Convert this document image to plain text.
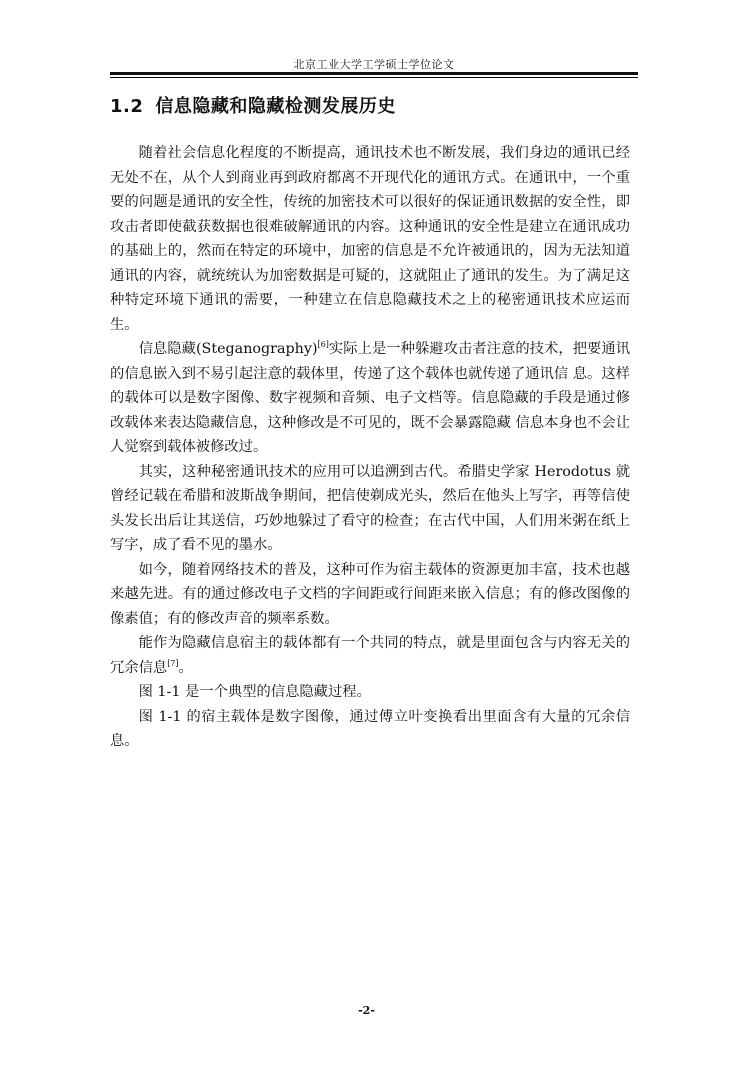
北京工业大学工学硕士学位论文
1.2 信息隐藏和隐藏检测发展历史

随着社会信息化程度的不断提高，通讯技术也不断发展，我们身边的通讯已经无处不在，从个人到商业再到政府都离不开现代化的通讯方式。在通讯中，一个重要的问题是通讯的安全性，传统的加密技术可以很好的保证通讯数据的安全性，即攻击者即使截获数据也很难破解通讯的内容。这种通讯的安全性是建立在通讯成功的基础上的，然而在特定的环境中，加密的信息是不允许被通讯的，因为无法知道通讯的内容，就统统认为加密数据是可疑的，这就阻止了通讯的发生。为了满足这种特定环境下通讯的需要，一种建立在信息隐藏技术之上的秘密通讯技术应运而生。

信息隐藏(Steganography)[6]实际上是一种躲避攻击者注意的技术，把要通讯的信息嵌入到不易引起注意的载体里，传递了这个载体也就传递了通讯信 息。这样的载体可以是数字图像、数字视频和音频、电子文档等。信息隐藏的手段是通过修改载体来表达隐藏信息，这种修改是不可见的，既不会暴露隐藏 信息本身也不会让人觉察到载体被修改过。

其实，这种秘密通讯技术的应用可以追溯到古代。希腊史学家 Herodotus 就曾经记载在希腊和波斯战争期间，把信使剃成光头，然后在他头上写字，再等信使头发长出后让其送信，巧妙地躲过了看守的检查；在古代中国，人们用米粥在纸上写字，成了看不见的墨水。

如今，随着网络技术的普及，这种可作为宿主载体的资源更加丰富，技术也越来越先进。有的通过修改电子文档的字间距或行间距来嵌入信息；有的修改图像的像素值；有的修改声音的频率系数。

能作为隐藏信息宿主的载体都有一个共同的特点，就是里面包含与内容无关的冗余信息[7]。

图 1-1 是一个典型的信息隐藏过程。

图 1-1 的宿主载体是数字图像，通过傅立叶变换看出里面含有大量的冗余信息。

-2-
